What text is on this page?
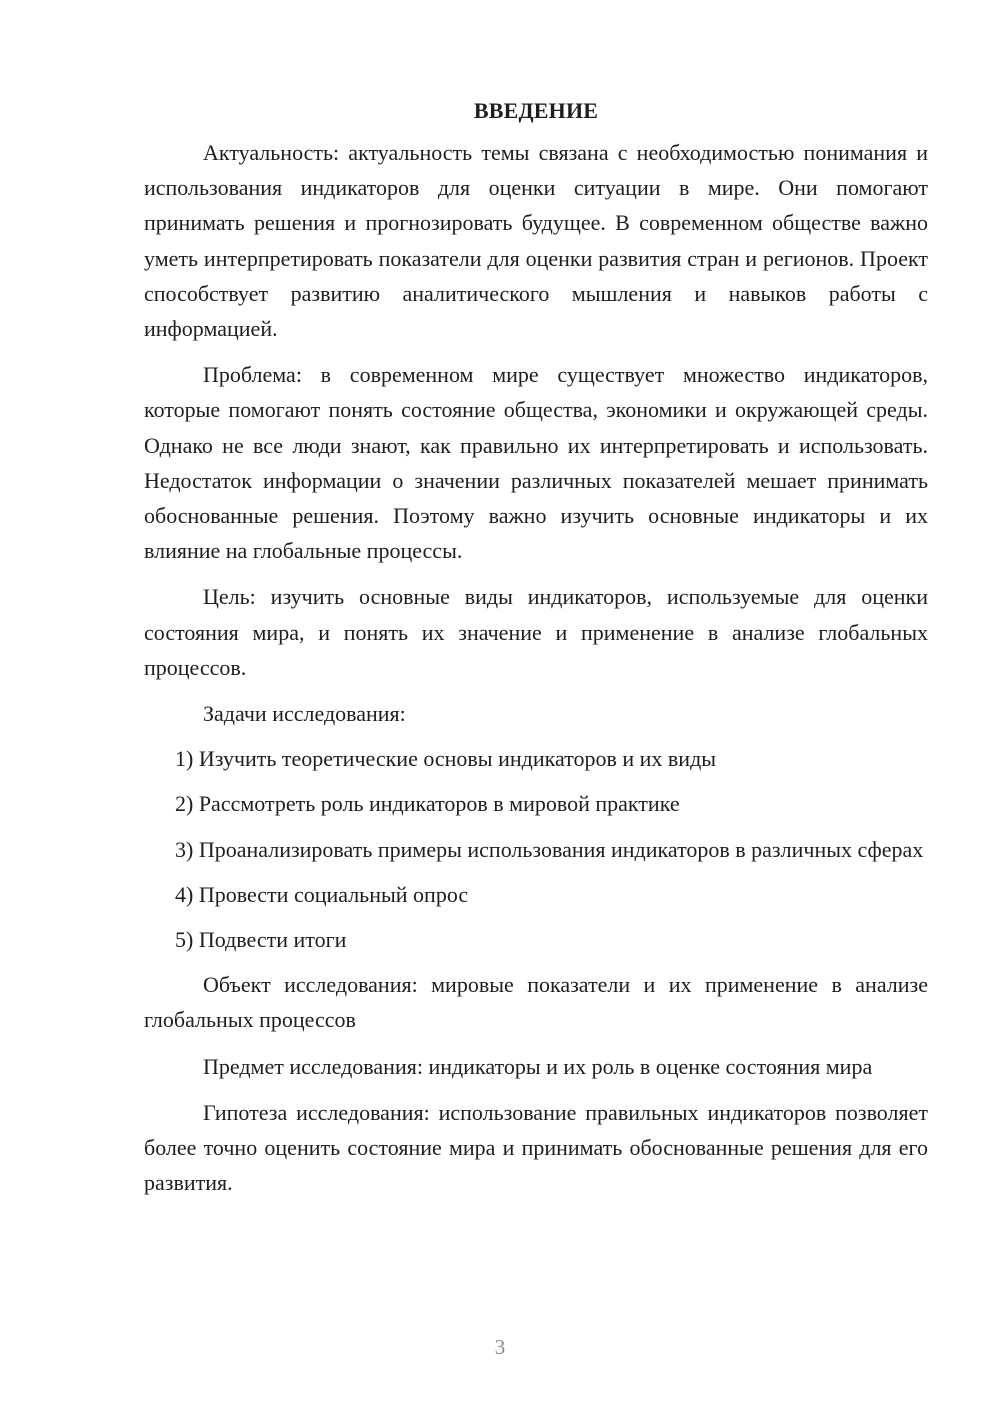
ВВЕДЕНИЕ

Актуальность: актуальность темы связана с необходимостью понимания и использования индикаторов для оценки ситуации в мире. Они помогают принимать решения и прогнозировать будущее. В современном обществе важно уметь интерпретировать показатели для оценки развития стран и регионов. Проект способствует развитию аналитического мышления и навыков работы с информацией.

Проблема: в современном мире существует множество индикаторов, которые помогают понять состояние общества, экономики и окружающей среды. Однако не все люди знают, как правильно их интерпретировать и использовать. Недостаток информации о значении различных показателей мешает принимать обоснованные решения. Поэтому важно изучить основные индикаторы и их влияние на глобальные процессы.

Цель: изучить основные виды индикаторов, используемые для оценки состояния мира, и понять их значение и применение в анализе глобальных процессов.

Задачи исследования:

1) Изучить теоретические основы индикаторов и их виды
2) Рассмотреть роль индикаторов в мировой практике
3) Проанализировать примеры использования индикаторов в различных сферах
4) Провести социальный опрос
5) Подвести итоги

Объект исследования: мировые показатели и их применение в анализе глобальных процессов

Предмет исследования: индикаторы и их роль в оценке состояния мира

Гипотеза исследования: использование правильных индикаторов позволяет более точно оценить состояние мира и принимать обоснованные решения для его развития.

3
